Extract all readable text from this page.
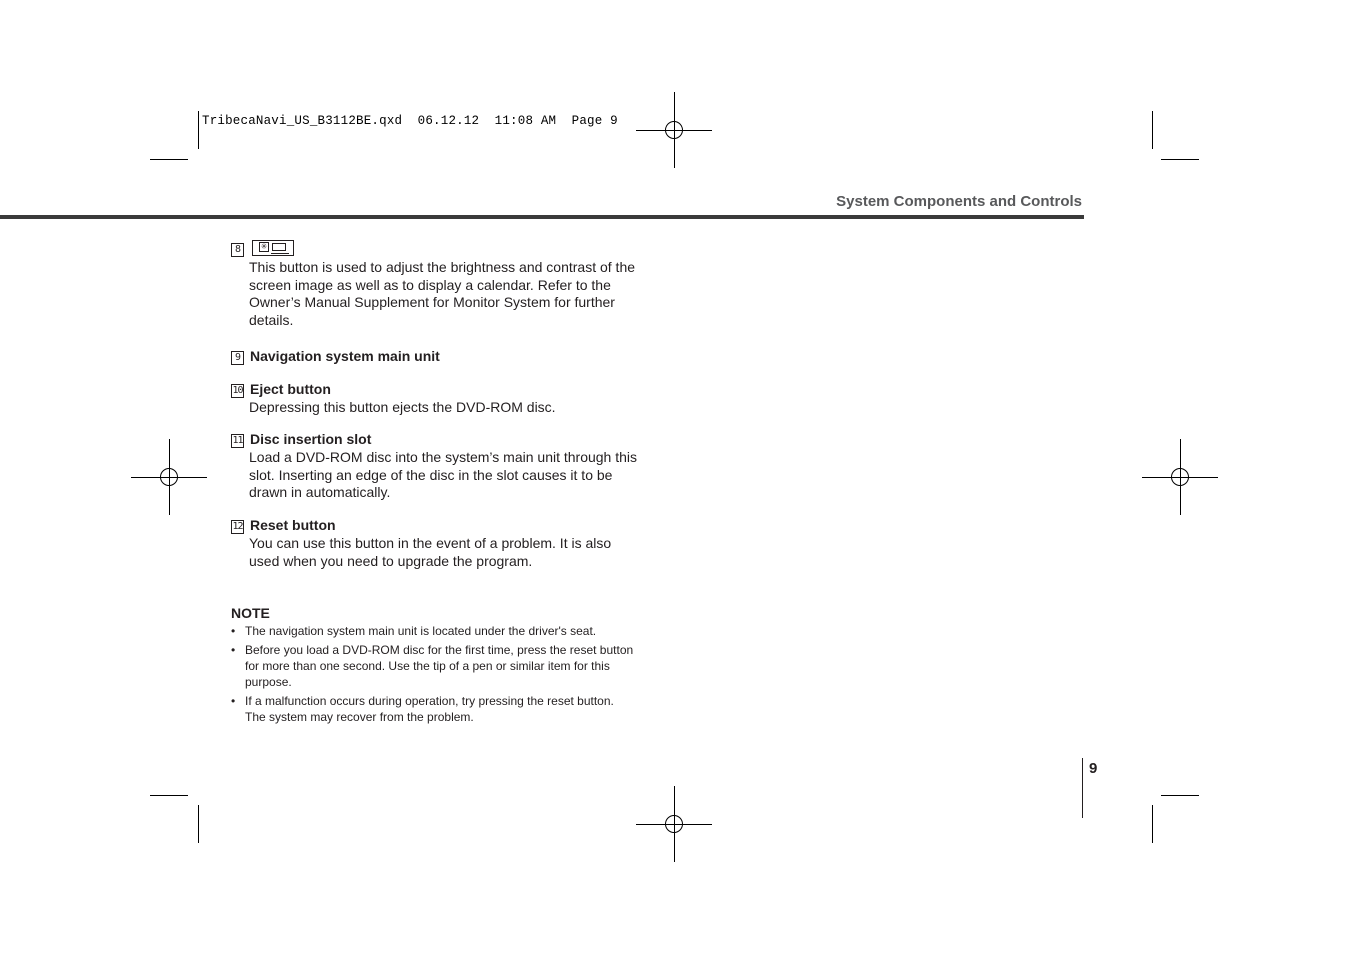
TribecaNavi_US_B3112BE.qxd  06.12.12  11:08 AM  Page 9
System Components and Controls
8	✳
This button is used to adjust the brightness and contrast of the screen image as well as to display a calendar. Refer to the Owner’s Manual Supplement for Monitor System for further details.
9 Navigation system main unit
10 Eject button
Depressing this button ejects the DVD-ROM disc.
11 Disc insertion slot
Load a DVD-ROM disc into the system’s main unit through this slot. Inserting an edge of the disc in the slot causes it to be drawn in automatically.
12 Reset button
You can use this button in the event of a problem. It is also used when you need to upgrade the program.
NOTE
• The navigation system main unit is located under the driver's seat.
• Before you load a DVD-ROM disc for the first time, press the reset button for more than one second. Use the tip of a pen or similar item for this purpose.
• If a malfunction occurs during operation, try pressing the reset button. The system may recover from the problem.
9
